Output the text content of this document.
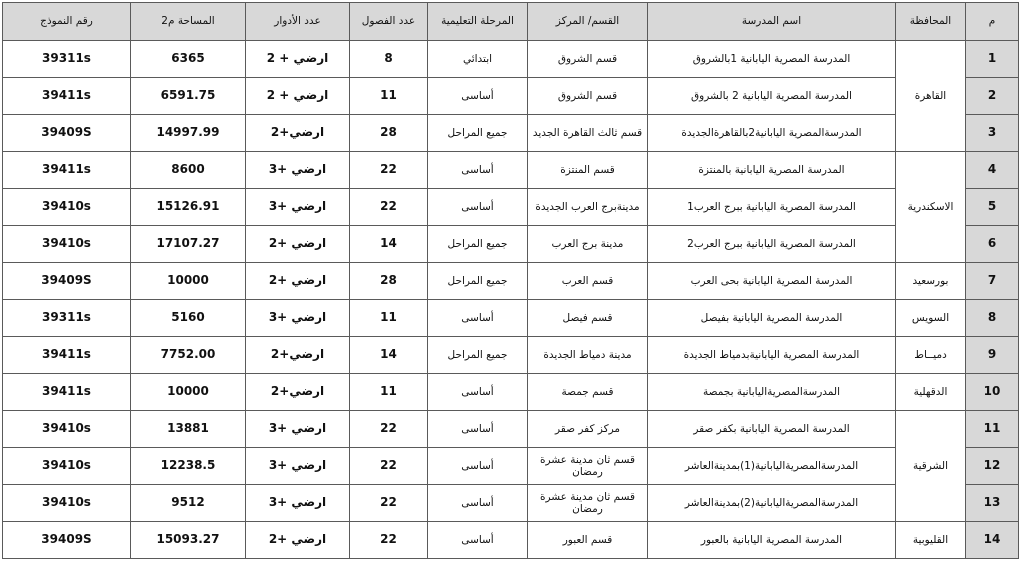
رقم النموذج	المساحة م2	عدد الأدوار	عدد الفصول	المرحلة التعليمية	القسم/ المركز	اسم المدرسة	المحافظة	م
39311s	6365	ارضي + 2	8	ابتدائي	قسم الشروق	المدرسة المصرية اليابانية 1بالشروق	القاهرة	1
39411s	6591.75	ارضي + 2	11	أساسى	قسم الشروق	المدرسة المصرية اليابانية 2 بالشروق		2
39409S	14997.99	ارضي+2	28	جميع المراحل	قسم ثالث القاهرة الجديد	المدرسةالمصرية اليابانية2بالقاهرةالجديدة		3
39411s	8600	ارضي +3	22	أساسى	قسم المنتزة	المدرسة المصرية اليابانية بالمنتزة	الاسكندرية	4
39410s	15126.91	ارضي +3	22	أساسى	مدينةبرج العرب الجديدة	المدرسة المصرية اليابانية ببرج العرب1		5
39410s	17107.27	ارضي +2	14	جميع المراحل	مدينة برج العرب	المدرسة المصرية اليابانية ببرج العرب2		6
39409S	10000	ارضي +2	28	جميع المراحل	قسم العرب	المدرسة المصرية اليابانية بحى العرب	بورسعيد	7
39311s	5160	ارضي +3	11	أساسى	قسم فيصل	المدرسة المصرية اليابانية بفيصل	السويس	8
39411s	7752.00	ارضي+2	14	جميع المراحل	مدينة دمياط الجديدة	المدرسة المصرية اليابانيةبدمياط الجديدة	دميــاط	9
39411s	10000	ارضي+2	11	أساسى	قسم جمصة	المدرسةالمصريةاليابانية بجمصة	الدقهلية	10
39410s	13881	ارضي +3	22	أساسى	مركز كفر صقر	المدرسة المصرية اليابانية بكفر صقر	الشرقية	11
39410s	12238.5	ارضي +3	22	أساسى	قسم ثان مدينة عشرة رمضان	المدرسةالمصريةاليابانية(1)بمدينةالعاشر		12
39410s	9512	ارضي +3	22	أساسى	قسم ثان مدينة عشرة رمضان	المدرسةالمصريةاليابانية(2)بمدينةالعاشر		13
39409S	15093.27	ارضي +2	22	أساسى	قسم العبور	المدرسة المصرية اليابانية بالعبور	القليوبية	14
